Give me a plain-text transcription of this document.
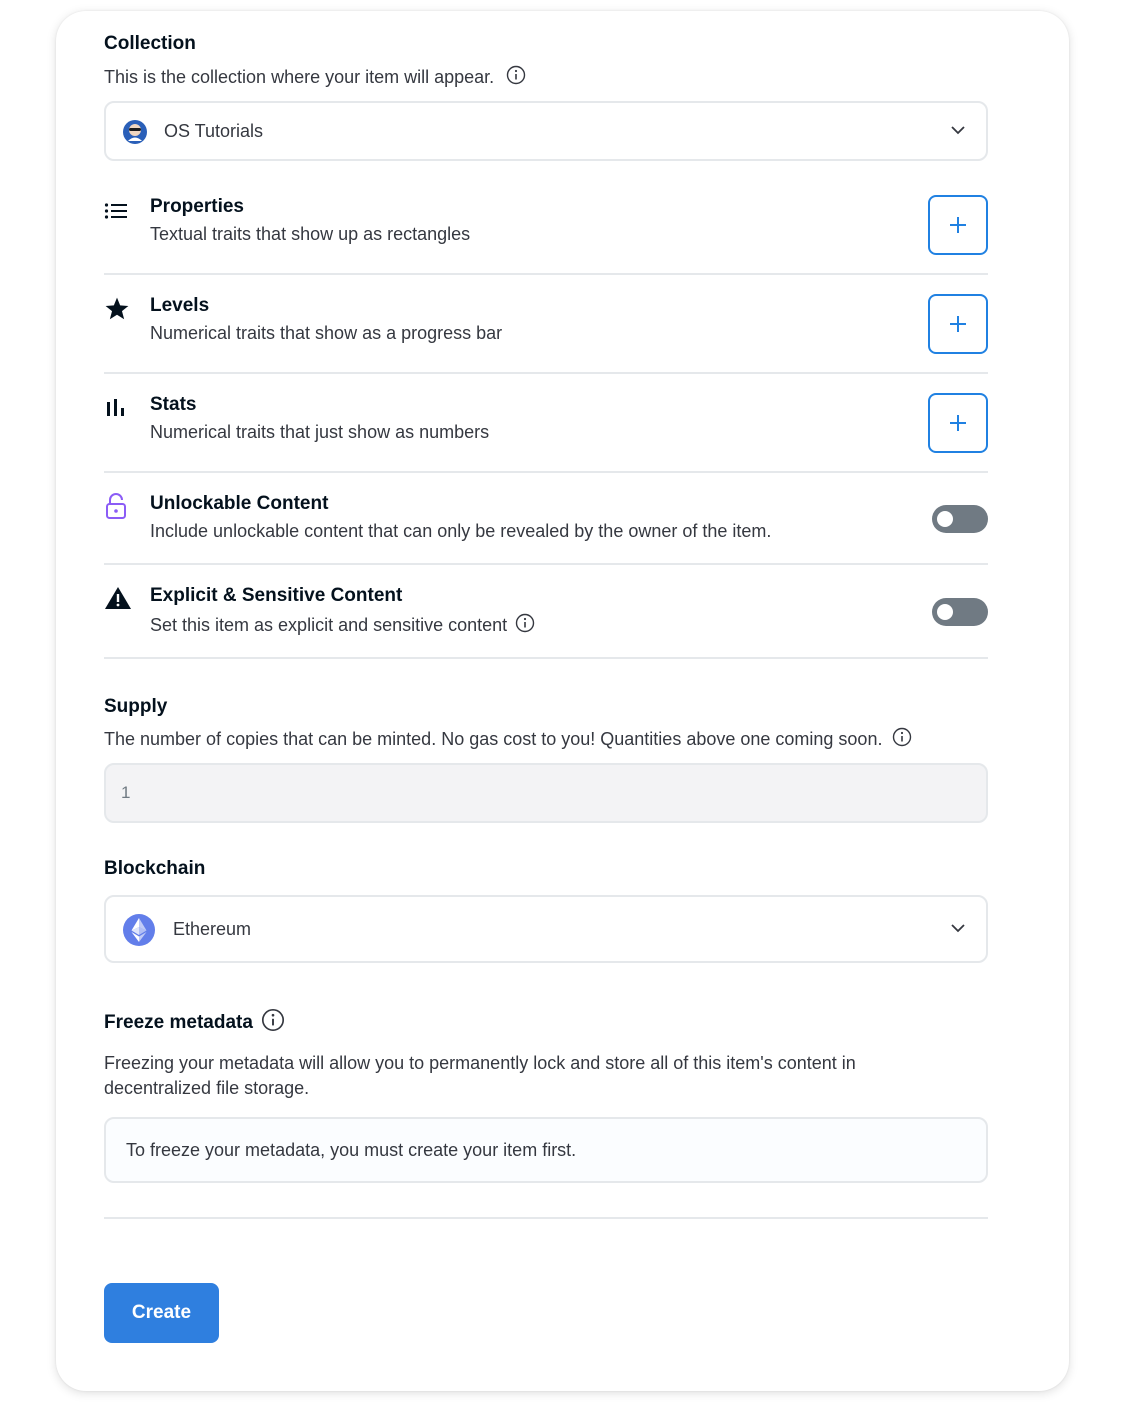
Collection
This is the collection where your item will appear.
OS Tutorials
Properties
Textual traits that show up as rectangles
Levels
Numerical traits that show as a progress bar
Stats
Numerical traits that just show as numbers
Unlockable Content
Include unlockable content that can only be revealed by the owner of the item.
Explicit & Sensitive Content
Set this item as explicit and sensitive content
Supply
The number of copies that can be minted. No gas cost to you! Quantities above one coming soon.
1
Blockchain
Ethereum
Freeze metadata
Freezing your metadata will allow you to permanently lock and store all of this item's content in decentralized file storage.
To freeze your metadata, you must create your item first.
Create
